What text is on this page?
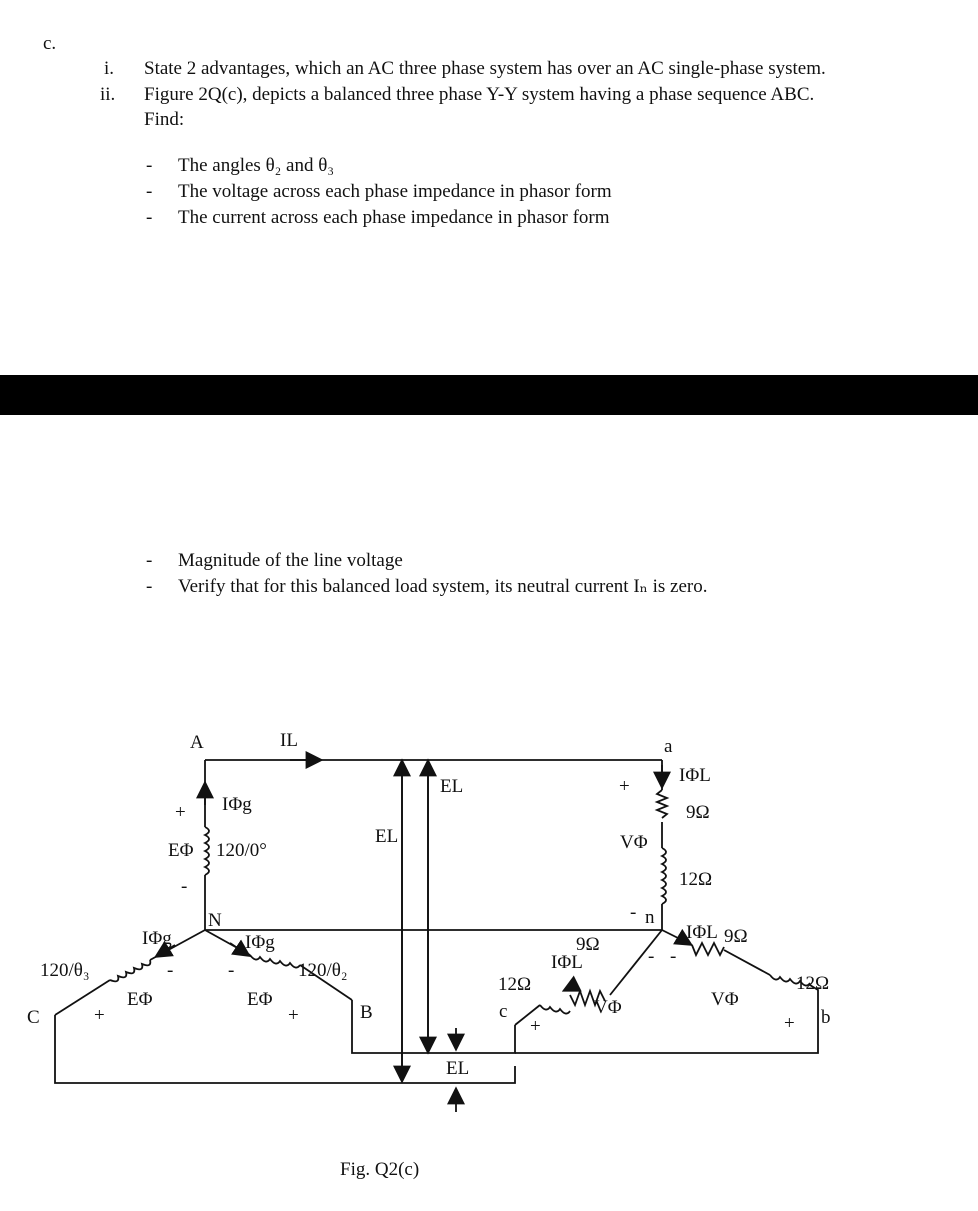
c.
i. State 2 advantages, which an AC three phase system has over an AC single-phase system.
ii. Figure 2Q(c), depicts a balanced three phase Y-Y system having a phase sequence ABC.
Find:
- The angles θ₂ and θ₃
- The voltage across each phase impedance in phasor form
- The current across each phase impedance in phasor form
- Magnitude of the line voltage
- Verify that for this balanced load system, its neutral current Iₙ is zero.
A	IL	a
IΦL
9Ω
12Ω
+
VΦ
- n
EL
EL
EL
+ IΦg
EΦ 120/0°
-
N
IΦg	IΦg
120/θ₃	-	-	120/θ₂
EΦ	EΦ
C	+	+	B
9Ω
IΦL	- -
12Ω
c
+
VΦ
IΦL 9Ω
VΦ
12Ω
+ b
Fig. Q2(c)
